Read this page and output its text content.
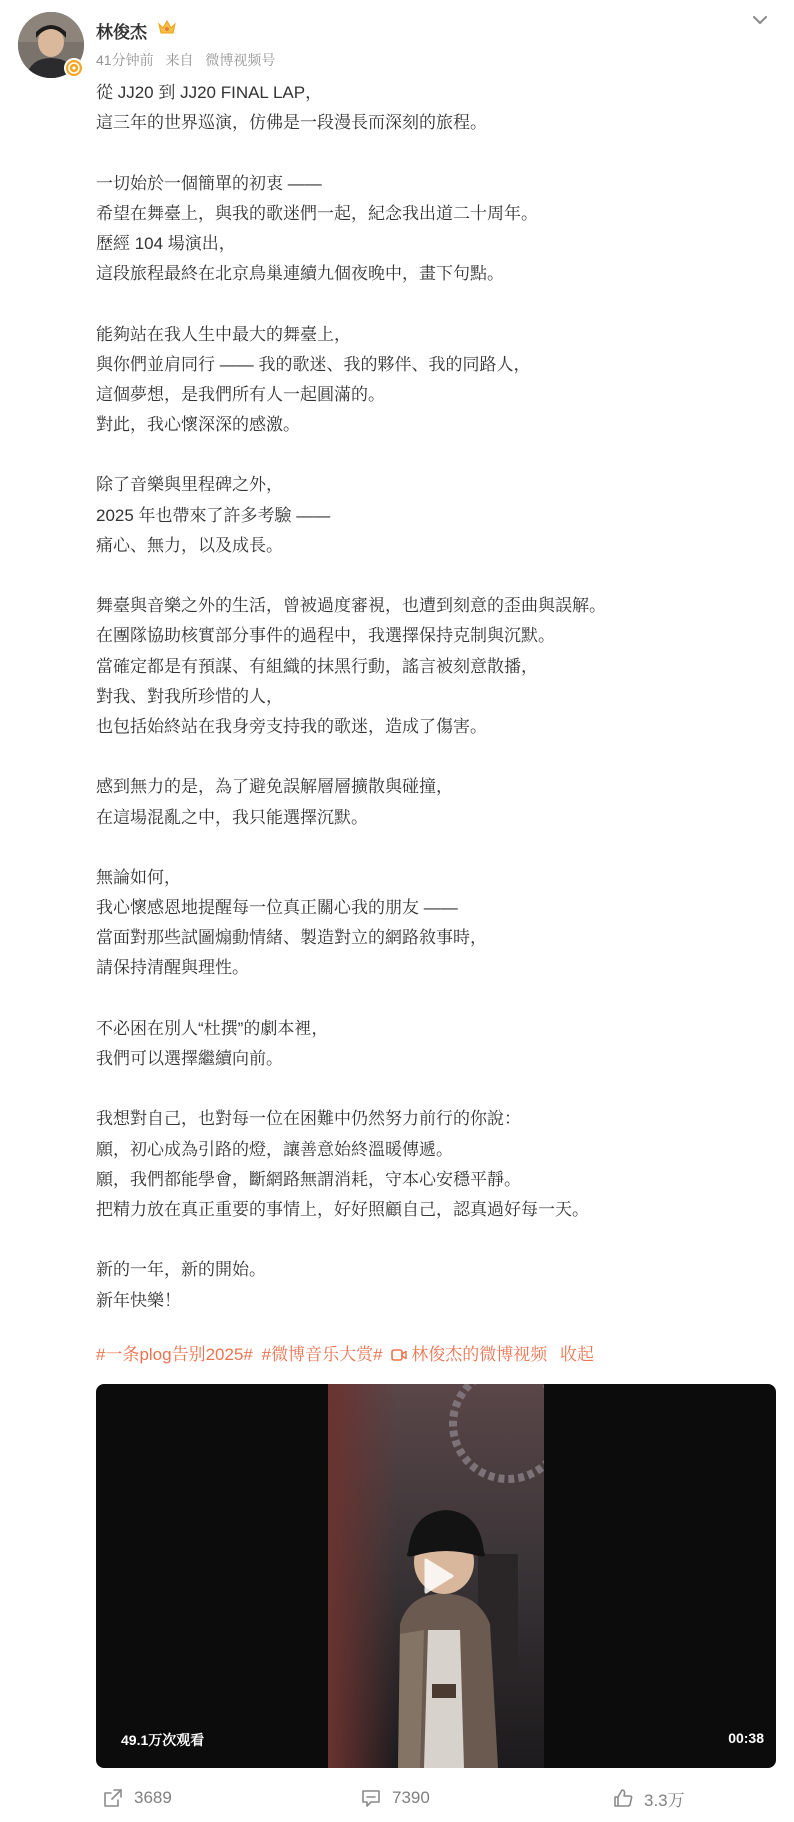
林俊杰
41分钟前 来自 微博视频号
從 JJ20 到 JJ20 FINAL LAP，
這三年的世界巡演，仿佛是一段漫長而深刻的旅程。
一切始於一個簡單的初衷 ——
希望在舞臺上，與我的歌迷們一起，紀念我出道二十周年。
歷經 104 場演出，
這段旅程最終在北京鳥巢連續九個夜晚中，畫下句點。
能夠站在我人生中最大的舞臺上，
與你們並肩同行 —— 我的歌迷、我的夥伴、我的同路人，
這個夢想，是我們所有人一起圓滿的。
對此，我心懷深深的感激。
除了音樂與里程碑之外，
2025 年也帶來了許多考驗 ——
痛心、無力，以及成長。
舞臺與音樂之外的生活，曾被過度審視，也遭到刻意的歪曲與誤解。
在團隊協助核實部分事件的過程中，我選擇保持克制與沉默。
當確定都是有預謀、有組織的抹黑行動，謠言被刻意散播，
對我、對我所珍惜的人，
也包括始終站在我身旁支持我的歌迷，造成了傷害。
感到無力的是，為了避免誤解層層擴散與碰撞，
在這場混亂之中，我只能選擇沉默。
無論如何，
我心懷感恩地提醒每一位真正關心我的朋友 ——
當面對那些試圖煽動情緒、製造對立的網路敘事時，
請保持清醒與理性。
不必困在別人“杜撰”的劇本裡，
我們可以選擇繼續向前。
我想對自己，也對每一位在困難中仍然努力前行的你說：
願，初心成為引路的燈，讓善意始終溫暖傳遞。
願，我們都能學會，斷網路無謂消耗，守本心安穩平靜。
把精力放在真正重要的事情上，好好照顧自己，認真過好每一天。
新的一年，新的開始。
新年快樂！
#一条plog告别2025# #微博音乐大赏# 林俊杰的微博视频 收起
49.1万次观看	00:38
3689	7390	3.3万
